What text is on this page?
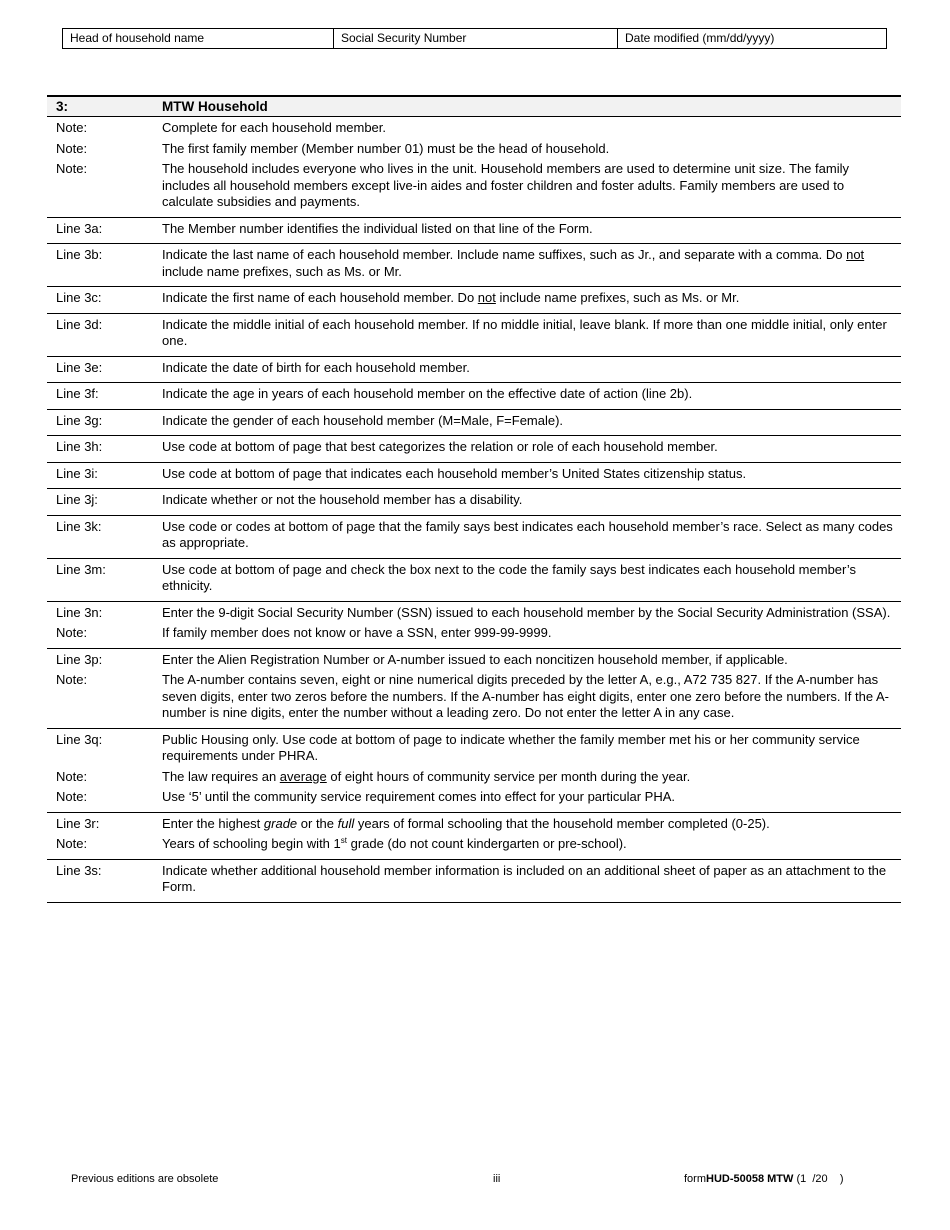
Head of household name	Social Security Number	Date modified (mm/dd/yyyy)
3:	MTW Household
Note:	Complete for each household member.
Note:	The first family member (Member number 01) must be the head of household.
Note:	The household includes everyone who lives in the unit. Household members are used to determine unit size. The family includes all household members except live-in aides and foster children and foster adults. Family members are used to calculate subsidies and payments.
Line 3a:	The Member number identifies the individual listed on that line of the Form.
Line 3b:	Indicate the last name of each household member. Include name suffixes, such as Jr., and separate with a comma. Do not include name prefixes, such as Ms. or Mr.
Line 3c:	Indicate the first name of each household member. Do not include name prefixes, such as Ms. or Mr.
Line 3d:	Indicate the middle initial of each household member. If no middle initial, leave blank. If more than one middle initial, only enter one.
Line 3e:	Indicate the date of birth for each household member.
Line 3f:	Indicate the age in years of each household member on the effective date of action (line 2b).
Line 3g:	Indicate the gender of each household member (M=Male, F=Female).
Line 3h:	Use code at bottom of page that best categorizes the relation or role of each household member.
Line 3i:	Use code at bottom of page that indicates each household member’s United States citizenship status.
Line 3j:	Indicate whether or not the household member has a disability.
Line 3k:	Use code or codes at bottom of page that the family says best indicates each household member’s race. Select as many codes as appropriate.
Line 3m:	Use code at bottom of page and check the box next to the code the family says best indicates each household member’s ethnicity.
Line 3n:	Enter the 9-digit Social Security Number (SSN) issued to each household member by the Social Security Administration (SSA).
Note:	If family member does not know or have a SSN, enter 999-99-9999.
Line 3p:	Enter the Alien Registration Number or A-number issued to each noncitizen household member, if applicable.
Note:	The A-number contains seven, eight or nine numerical digits preceded by the letter A, e.g., A72 735 827. If the A-number has seven digits, enter two zeros before the numbers. If the A-number has eight digits, enter one zero before the numbers. If the A-number is nine digits, enter the number without a leading zero. Do not enter the letter A in any case.
Line 3q:	Public Housing only. Use code at bottom of page to indicate whether the family member met his or her community service requirements under PHRA.
Note:	The law requires an average of eight hours of community service per month during the year.
Note:	Use ‘5’ until the community service requirement comes into effect for your particular PHA.
Line 3r:	Enter the highest grade or the full years of formal schooling that the household member completed (0-25).
Note:	Years of schooling begin with 1st grade (do not count kindergarten or pre-school).
Line 3s:	Indicate whether additional household member information is included on an additional sheet of paper as an attachment to the Form.
Previous editions are obsolete	iii	formHUD-50058 MTW (1  /20    )
